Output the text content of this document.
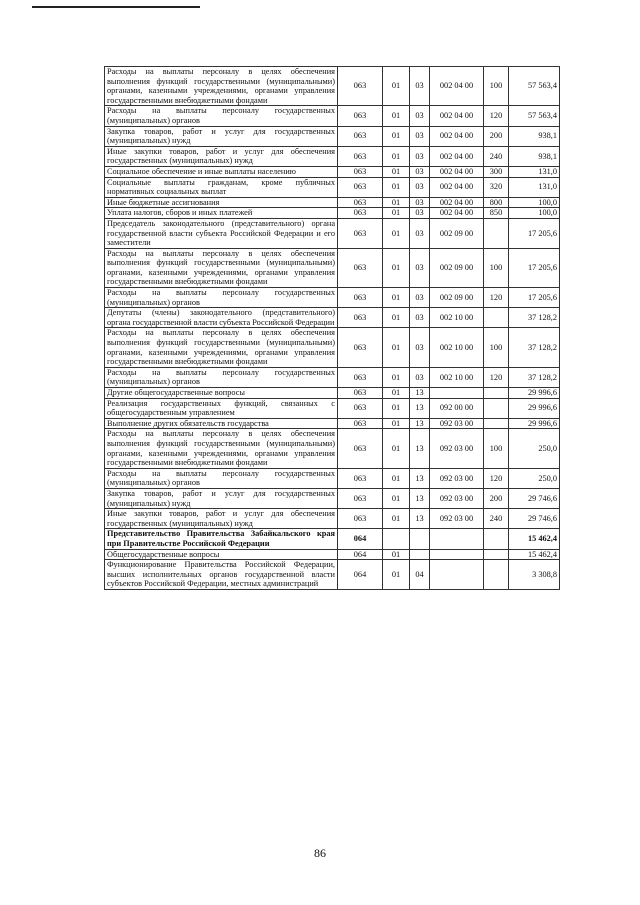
Расходы на выплаты персоналу в целях обеспечения выполнения функций государственными (муниципальными) органами, казенными учреждениями, органами управления государственными внебюджетными фондами	063	01	03	002 04 00	100	57 563,4
Расходы на выплаты персоналу государственных (муниципальных) органов	063	01	03	002 04 00	120	57 563,4
Закупка товаров, работ и услуг для государственных (муниципальных) нужд	063	01	03	002 04 00	200	938,1
Иные закупки товаров, работ и услуг для обеспечения государственных (муниципальных) нужд	063	01	03	002 04 00	240	938,1
Социальное обеспечение и иные выплаты населению	063	01	03	002 04 00	300	131,0
Социальные выплаты гражданам, кроме публичных нормативных социальных выплат	063	01	03	002 04 00	320	131,0
Иные бюджетные ассигнования	063	01	03	002 04 00	800	100,0
Уплата налогов, сборов и иных платежей	063	01	03	002 04 00	850	100,0
Председатель законодательного (представительного) органа государственной власти субъекта Российской Федерации и его заместители	063	01	03	002 09 00		17 205,6
Расходы на выплаты персоналу в целях обеспечения выполнения функций государственными (муниципальными) органами, казенными учреждениями, органами управления государственными внебюджетными фондами	063	01	03	002 09 00	100	17 205,6
Расходы на выплаты персоналу государственных (муниципальных) органов	063	01	03	002 09 00	120	17 205,6
Депутаты (члены) законодательного (представительного) органа государственной власти субъекта Российской Федерации	063	01	03	002 10 00		37 128,2
Расходы на выплаты персоналу в целях обеспечения выполнения функций государственными (муниципальными) органами, казенными учреждениями, органами управления государственными внебюджетными фондами	063	01	03	002 10 00	100	37 128,2
Расходы на выплаты персоналу государственных (муниципальных) органов	063	01	03	002 10 00	120	37 128,2
Другие общегосударственные вопросы	063	01	13			29 996,6
Реализация государственных функций, связанных с общегосударственным управлением	063	01	13	092 00 00		29 996,6
Выполнение других обязательств государства	063	01	13	092 03 00		29 996,6
Расходы на выплаты персоналу в целях обеспечения выполнения функций государственными (муниципальными) органами, казенными учреждениями, органами управления государственными внебюджетными фондами	063	01	13	092 03 00	100	250,0
Расходы на выплаты персоналу государственных (муниципальных) органов	063	01	13	092 03 00	120	250,0
Закупка товаров, работ и услуг для государственных (муниципальных) нужд	063	01	13	092 03 00	200	29 746,6
Иные закупки товаров, работ и услуг для обеспечения государственных (муниципальных) нужд	063	01	13	092 03 00	240	29 746,6
Представительство Правительства Забайкальского края при Правительстве Российской Федерации	064					15 462,4
Общегосударственные вопросы	064	01				15 462,4
Функционирование Правительства Российской Федерации, высших исполнительных органов государственной власти субъектов Российской Федерации, местных администраций	064	01	04			3 308,8
86
